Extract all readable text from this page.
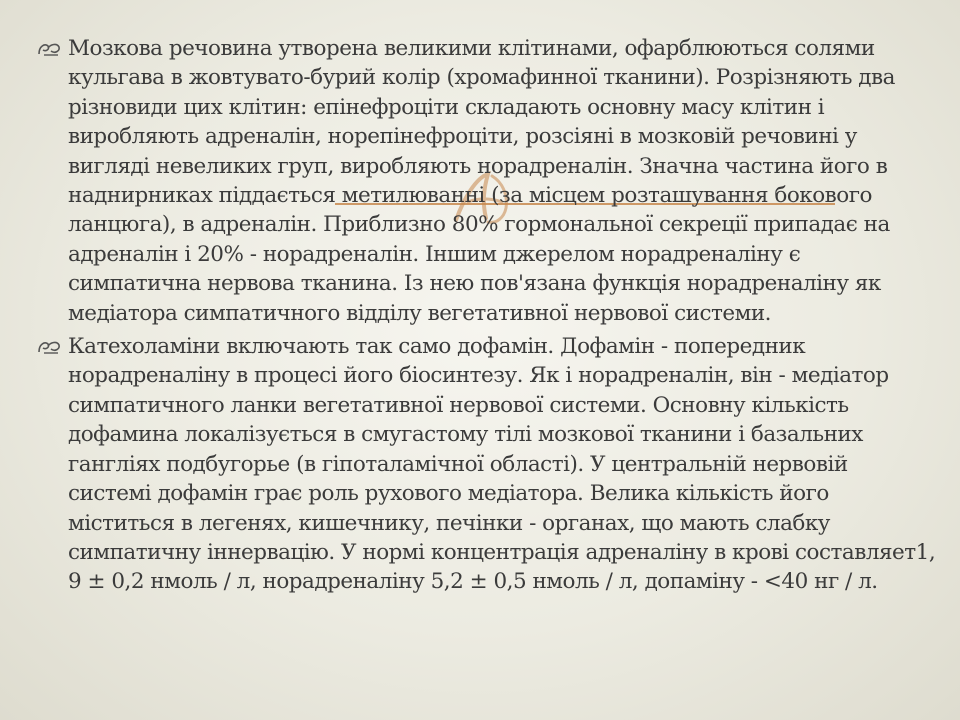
Мозкова речовина утворена великими клітинами, офарблюються солями кульгава в жовтувато-бурий колір (хромафинної тканини). Розрізняють два різновиди цих клітин: епінефроціти складають основну масу клітин і виробляють адреналін, норепінефроціти, розсіяні в мозковій речовині у вигляді невеликих груп, виробляють норадреналін. Значна частина його в наднирниках піддається метилюванні (за місцем розташування бокового ланцюга), в адреналін. Приблизно 80% гормональної секреції припадає на адреналін і 20% - норадреналін. Іншим джерелом норадреналіну є симпатична нервова тканина. Із нею пов'язана функція норадреналіну як медіатора симпатичного відділу вегетативної нервової системи.
Катехоламіни включають так само дофамін. Дофамін - попередник норадреналіну в процесі його біосинтезу. Як і норадреналін, він - медіатор симпатичного ланки вегетативної нервової системи. Основну кількість дофамина локалізується в смугастому тілі мозкової тканини і базальних гангліях подбугорье (в гіпоталамічної області). У центральній нервовій системі дофамін грає роль рухового медіатора. Велика кількість його міститься в легенях, кишечнику, печінки - органах, що мають слабку симпатичну іннервацію. У нормі концентрація адреналіну в крові составляет1, 9 ± 0,2 нмоль / л, норадреналіну 5,2 ± 0,5 нмоль / л, допаміну - <40 нг / л.
